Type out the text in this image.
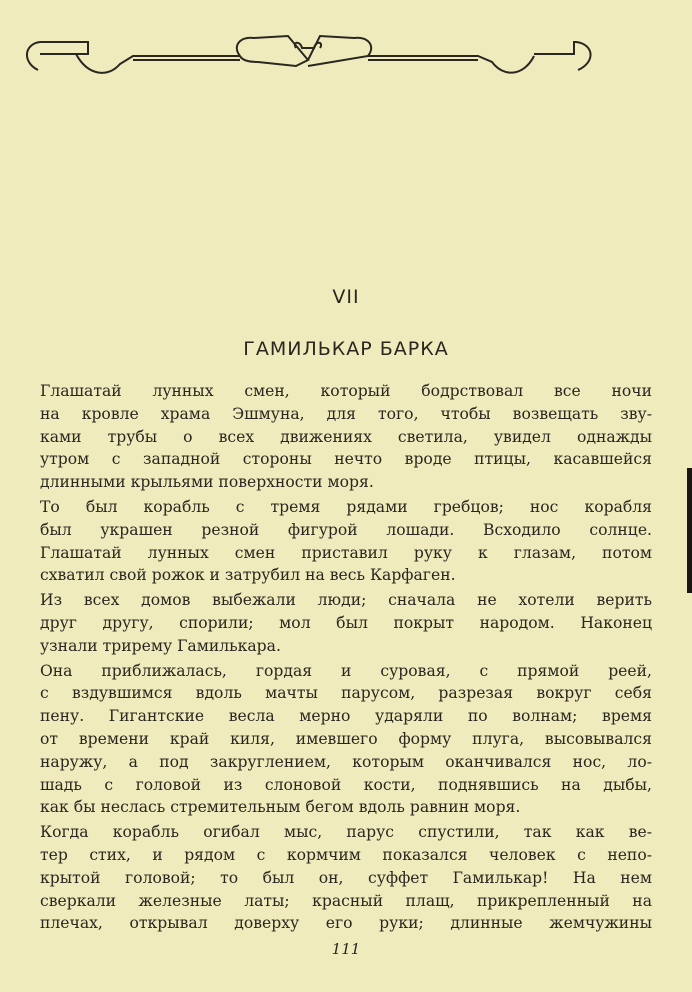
VII
ГАМИЛЬКАР БАРКА
Глашатай лунных смен, который бодрствовал все ночи
на кровле храма Эшмуна, для того, чтобы возвещать зву-
ками трубы о всех движениях светила, увидел однажды
утром с западной стороны нечто вроде птицы, касавшейся
длинными крыльями поверхности моря.
То был корабль с тремя рядами гребцов; нос корабля
был украшен резной фигурой лошади. Всходило солнце.
Глашатай лунных смен приставил руку к глазам, потом
схватил свой рожок и затрубил на весь Карфаген.
Из всех домов выбежали люди; сначала не хотели верить
друг другу, спорили; мол был покрыт народом. Наконец
узнали трирему Гамилькара.
Она приближалась, гордая и суровая, с прямой реей,
с вздувшимся вдоль мачты парусом, разрезая вокруг себя
пену. Гигантские весла мерно ударяли по волнам; время
от времени край киля, имевшего форму плуга, высовывался
наружу, а под закруглением, которым оканчивался нос, ло-
шадь с головой из слоновой кости, поднявшись на дыбы,
как бы неслась стремительным бегом вдоль равнин моря.
Когда корабль огибал мыс, парус спустили, так как ве-
тер стих, и рядом с кормчим показался человек с непо-
крытой головой; то был он, суффет Гамилькар! На нем
сверкали железные латы; красный плащ, прикрепленный на
плечах, открывал доверху его руки; длинные жемчужины
111
